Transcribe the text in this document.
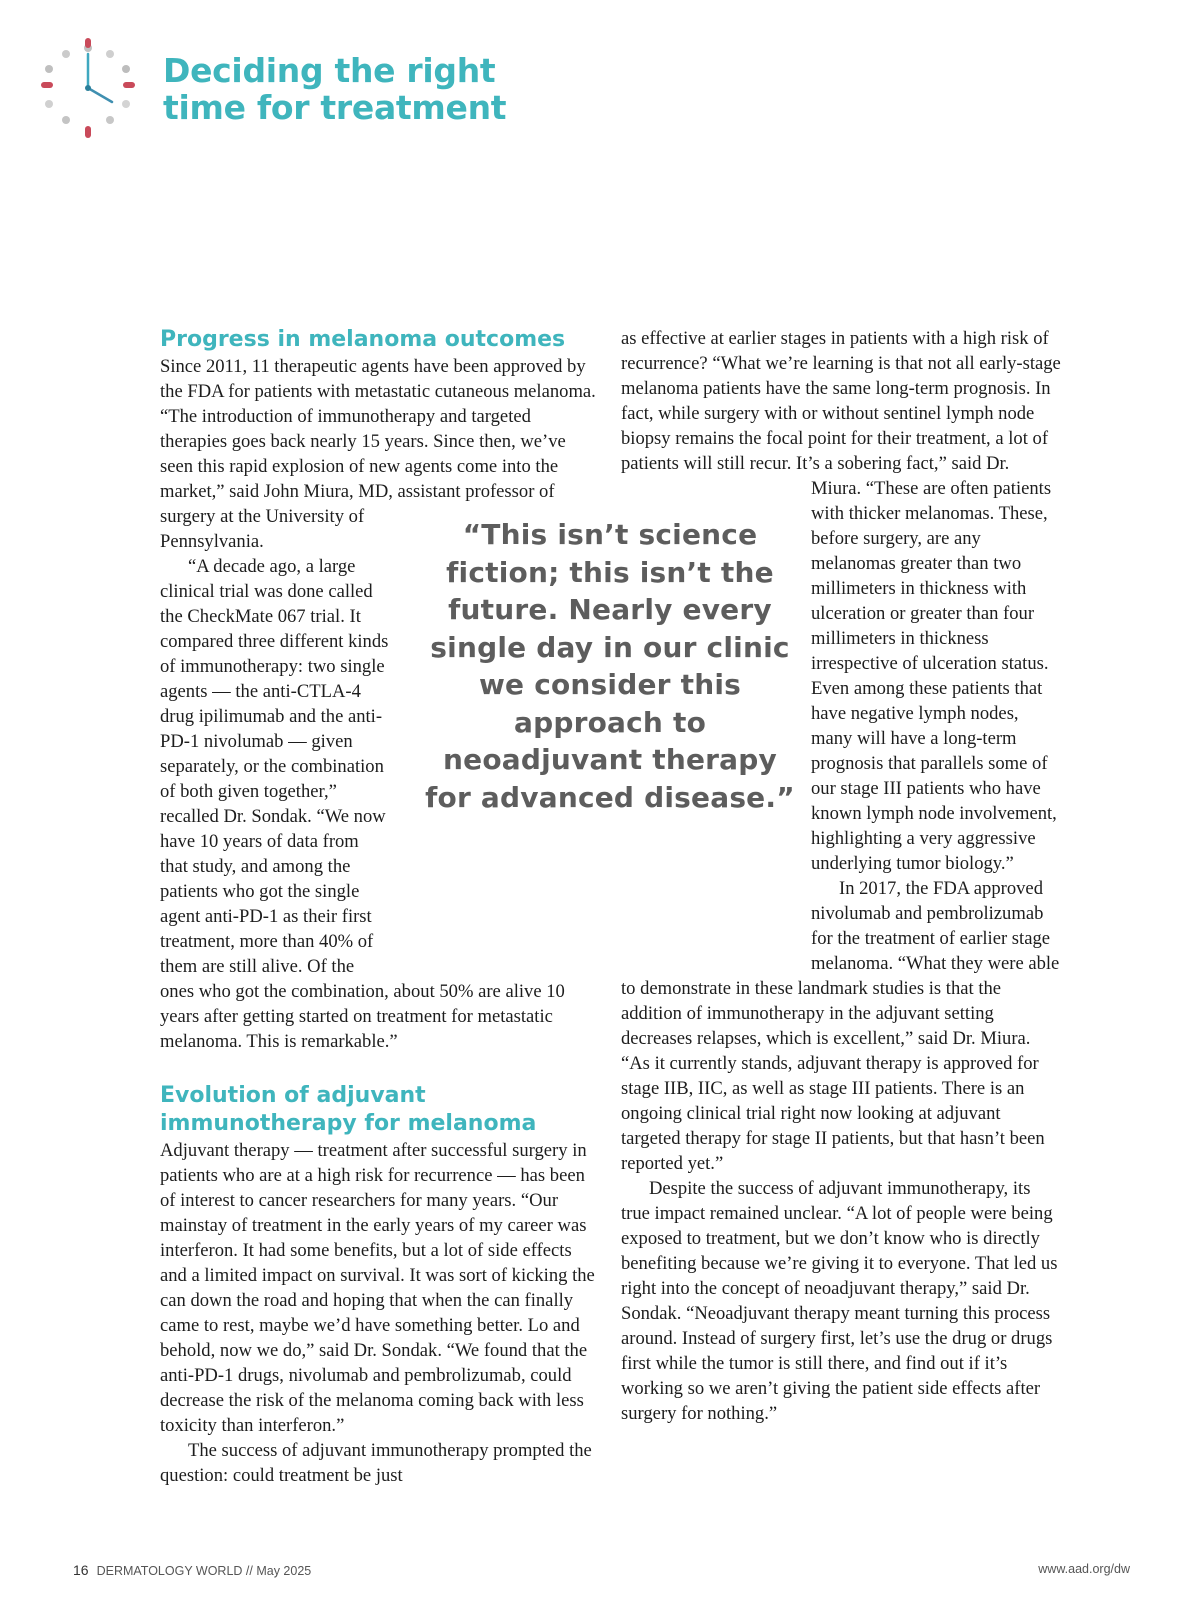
Deciding the right
time for treatment
Progress in melanoma outcomes

Since 2011, 11 therapeutic agents have been approved by the FDA for patients with metastatic cutaneous melanoma. “The introduction of immunotherapy and targeted therapies goes back nearly 15 years. Since then, we’ve seen this rapid explosion of new agents come into the market,” said John Miura, MD, assistant professor of surgery at the University of Pennsylvania.

“A decade ago, a large clinical trial was done called the CheckMate 067 trial. It compared three different kinds of immunotherapy: two single agents — the anti-CTLA-4 drug ipilimumab and the anti-PD-1 nivolumab — given separately, or the combination of both given together,” recalled Dr. Sondak. “We now have 10 years of data from that study, and among the patients who got the single agent anti-PD-1 as their first treatment, more than 40% of them are still alive. Of the ones who got the combination, about 50% are alive 10 years after getting started on treatment for metastatic melanoma. This is remarkable.”

Evolution of adjuvant
immunotherapy for melanoma

Adjuvant therapy — treatment after successful surgery in patients who are at a high risk for recurrence — has been of interest to cancer researchers for many years. “Our mainstay of treatment in the early years of my career was interferon. It had some benefits, but a lot of side effects and a limited impact on survival. It was sort of kicking the can down the road and hoping that when the can finally came to rest, maybe we’d have something better. Lo and behold, now we do,” said Dr. Sondak. “We found that the anti-PD-1 drugs, nivolumab and pembrolizumab, could decrease the risk of the melanoma coming back with less toxicity than interferon.”

The success of adjuvant immunotherapy prompted the question: could treatment be just

as effective at earlier stages in patients with a high risk of recurrence? “What we’re learning is that not all early-stage melanoma patients have the same long-term prognosis. In fact, while surgery with or without sentinel lymph node biopsy remains the focal point for their treatment, a lot of patients will still recur. It’s a sobering fact,” said Dr. Miura. “These are often patients with thicker melanomas. These, before surgery, are any melanomas greater than two millimeters in thickness with ulceration or greater than four millimeters in thickness irrespective of ulceration status. Even among these patients that have negative lymph nodes, many will have a long-term prognosis that parallels some of our stage III patients who have known lymph node involvement, highlighting a very aggressive underlying tumor biology.”

In 2017, the FDA approved nivolumab and pembrolizumab for the treatment of earlier stage melanoma. “What they were able to demonstrate in these landmark studies is that the addition of immunotherapy in the adjuvant setting decreases relapses, which is excellent,” said Dr. Miura. “As it currently stands, adjuvant therapy is approved for stage IIB, IIC, as well as stage III patients. There is an ongoing clinical trial right now looking at adjuvant targeted therapy for stage II patients, but that hasn’t been reported yet.”

Despite the success of adjuvant immunotherapy, its true impact remained unclear. “A lot of people were being exposed to treatment, but we don’t know who is directly benefiting because we’re giving it to everyone. That led us right into the concept of neoadjuvant therapy,” said Dr. Sondak. “Neoadjuvant therapy meant turning this process around. Instead of surgery first, let’s use the drug or drugs first while the tumor is still there, and find out if it’s working so we aren’t giving the patient side effects after surgery for nothing.”

“This isn’t science fiction; this isn’t the future. Nearly every single day in our clinic we consider this approach to neoadjuvant therapy for advanced disease.”
16 DERMATOLOGY WORLD // May 2025	www.aad.org/dw
